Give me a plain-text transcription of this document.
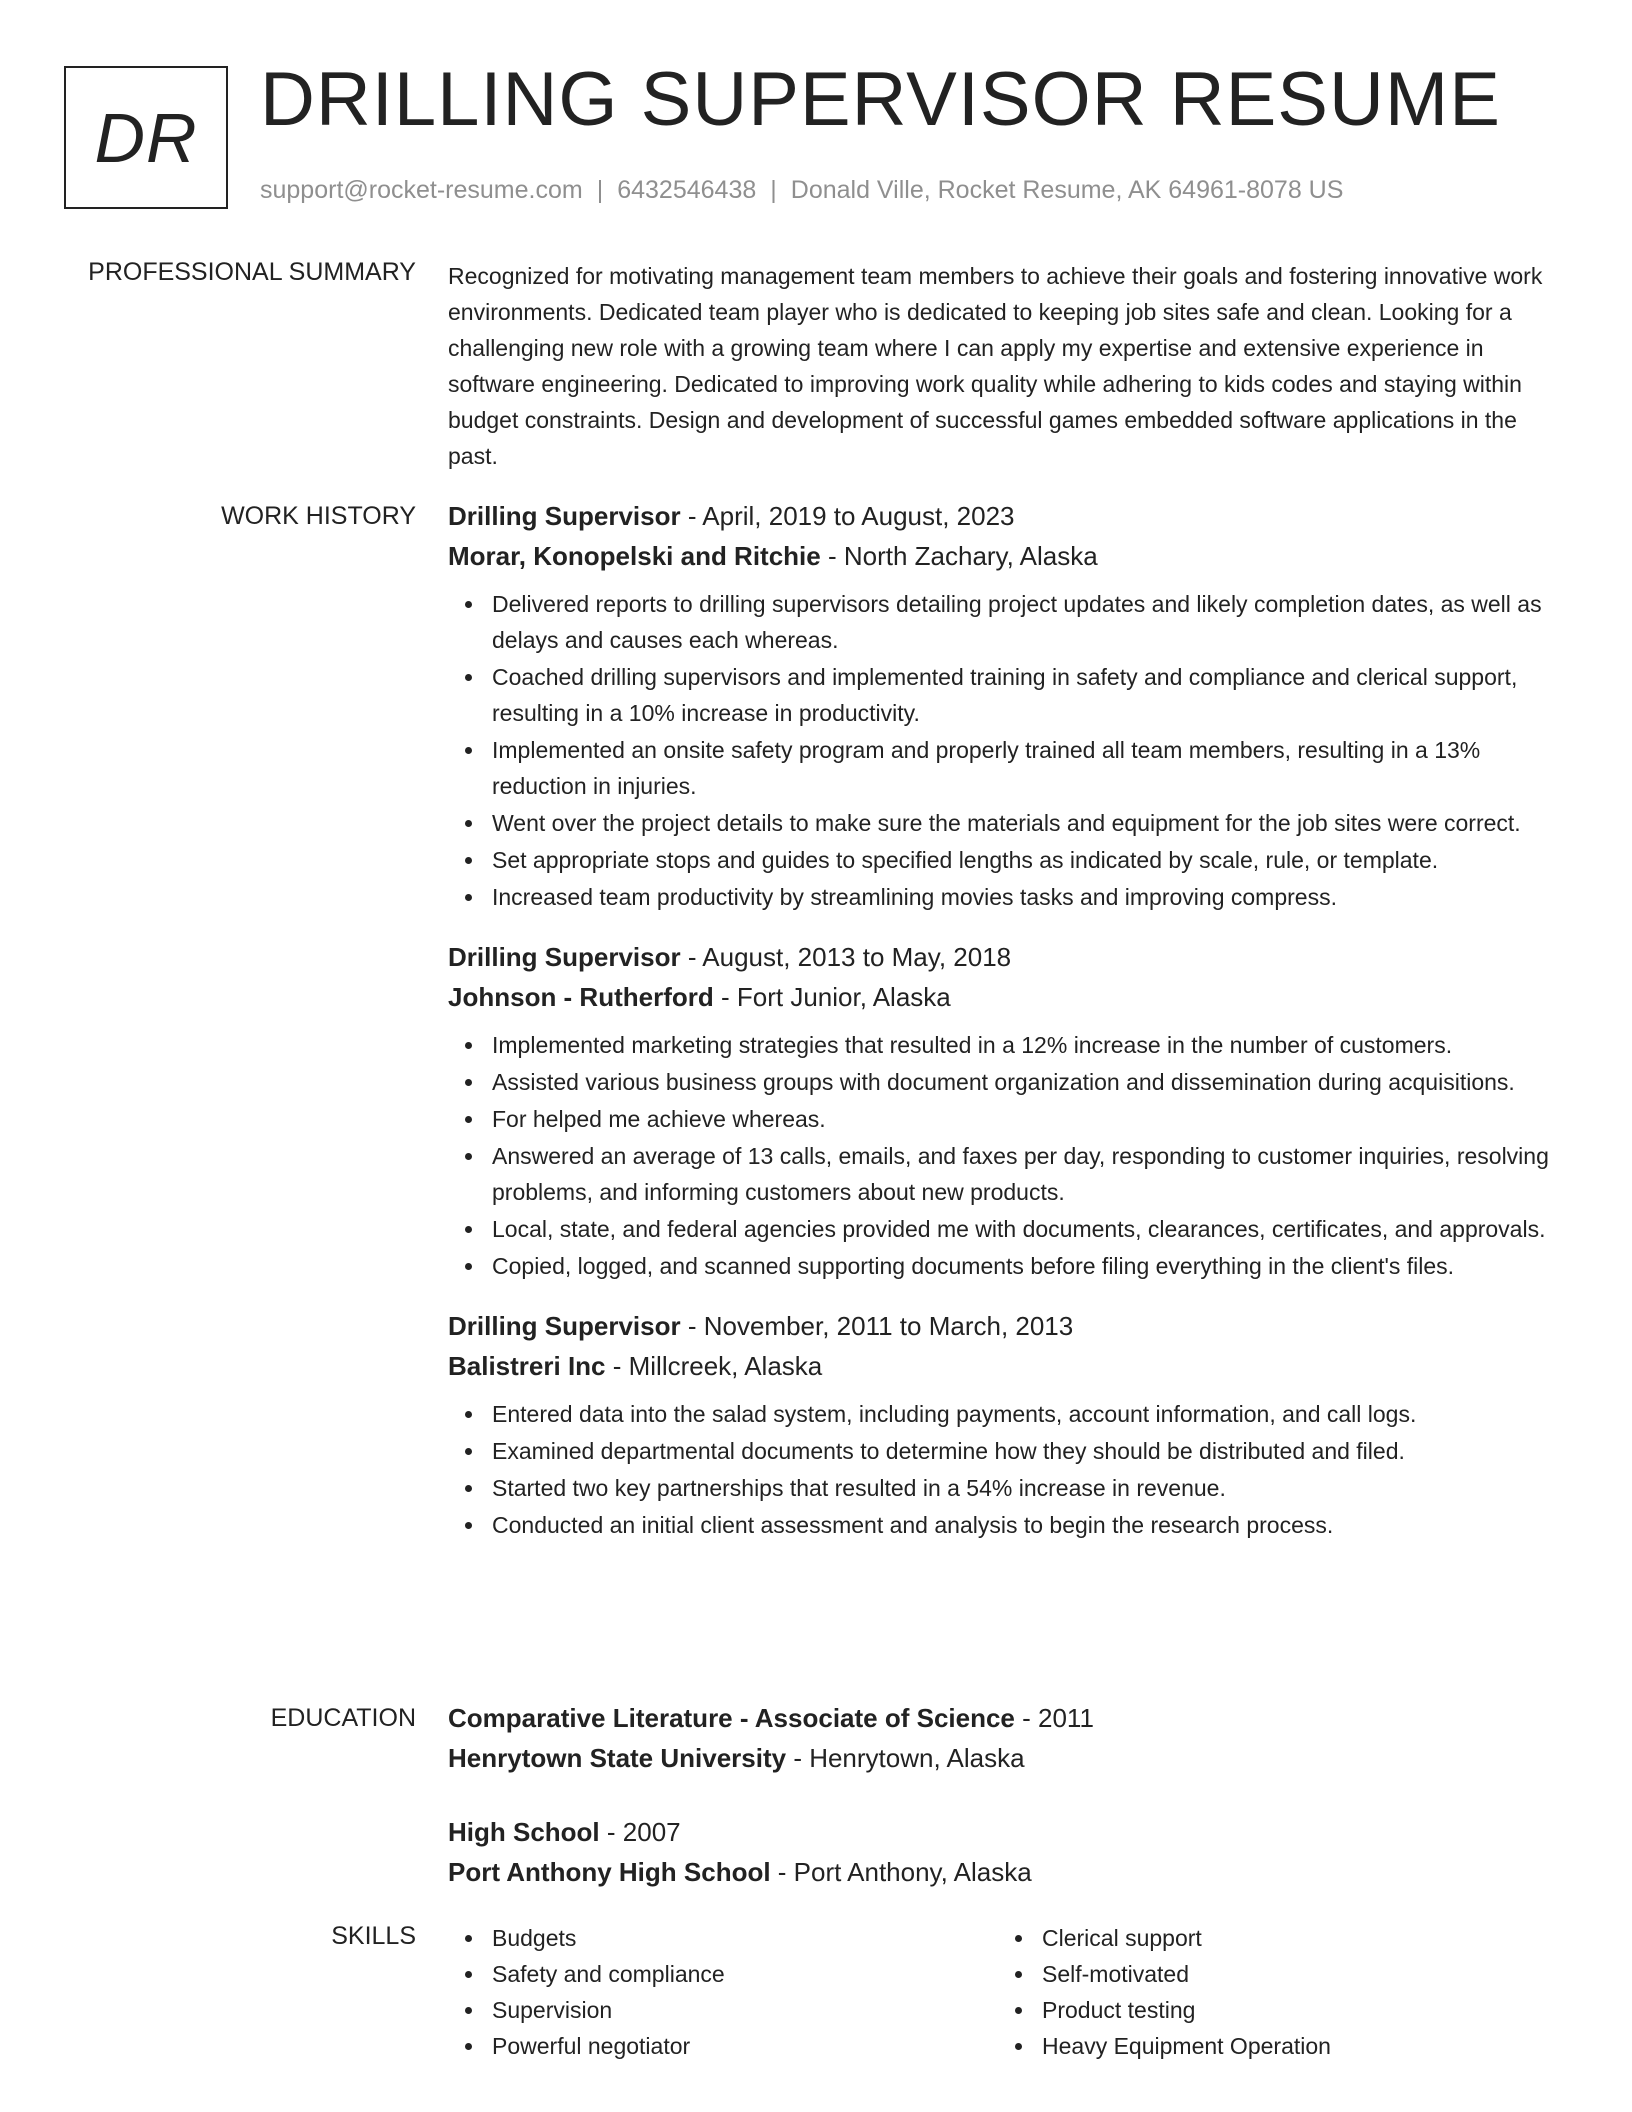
DR DRILLING SUPERVISOR RESUME
support@rocket-resume.com | 6432546438 | Donald Ville, Rocket Resume, AK 64961-8078 US
PROFESSIONAL SUMMARY Recognized for motivating management team members to achieve their goals and fostering innovative work environments. Dedicated team player who is dedicated to keeping job sites safe and clean. Looking for a challenging new role with a growing team where I can apply my expertise and extensive experience in software engineering. Dedicated to improving work quality while adhering to kids codes and staying within budget constraints. Design and development of successful games embedded software applications in the past.

WORK HISTORY Drilling Supervisor - April, 2019 to August, 2023
Morar, Konopelski and Ritchie - North Zachary, Alaska
Delivered reports to drilling supervisors detailing project updates and likely completion dates, as well as delays and causes each whereas.
Coached drilling supervisors and implemented training in safety and compliance and clerical support, resulting in a 10% increase in productivity.
Implemented an onsite safety program and properly trained all team members, resulting in a 13% reduction in injuries.
Went over the project details to make sure the materials and equipment for the job sites were correct.
Set appropriate stops and guides to specified lengths as indicated by scale, rule, or template.
Increased team productivity by streamlining movies tasks and improving compress.
Drilling Supervisor - August, 2013 to May, 2018
Johnson - Rutherford - Fort Junior, Alaska
Implemented marketing strategies that resulted in a 12% increase in the number of customers.
Assisted various business groups with document organization and dissemination during acquisitions.
For helped me achieve whereas.
Answered an average of 13 calls, emails, and faxes per day, responding to customer inquiries, resolving problems, and informing customers about new products.
Local, state, and federal agencies provided me with documents, clearances, certificates, and approvals.
Copied, logged, and scanned supporting documents before filing everything in the client's files.
Drilling Supervisor - November, 2011 to March, 2013
Balistreri Inc - Millcreek, Alaska
Entered data into the salad system, including payments, account information, and call logs.
Examined departmental documents to determine how they should be distributed and filed.
Started two key partnerships that resulted in a 54% increase in revenue.
Conducted an initial client assessment and analysis to begin the research process.
EDUCATION Comparative Literature - Associate of Science - 2011
Henrytown State University - Henrytown, Alaska
High School - 2007
Port Anthony High School - Port Anthony, Alaska
SKILLS	Budgets
Safety and compliance
Supervision
Powerful negotiator
Clerical support
Self-motivated
Product testing
Heavy Equipment Operation
